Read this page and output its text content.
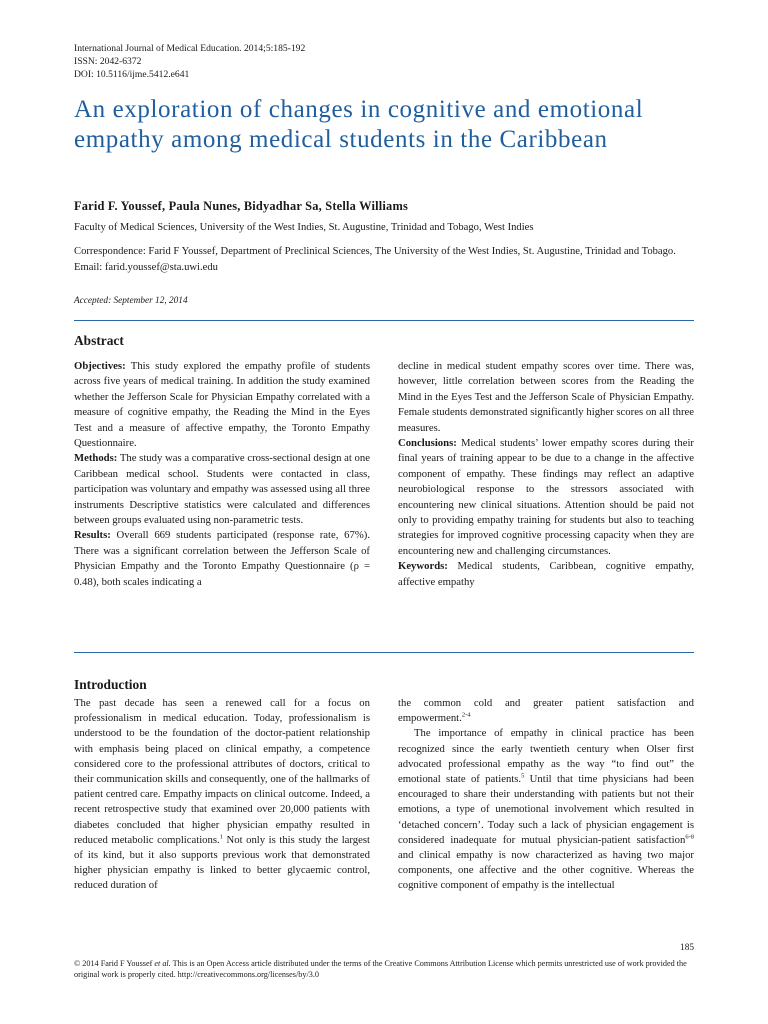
International Journal of Medical Education. 2014;5:185-192
ISSN: 2042-6372
DOI: 10.5116/ijme.5412.e641
An exploration of changes in cognitive and emotional empathy among medical students in the Caribbean
Farid F. Youssef, Paula Nunes, Bidyadhar Sa, Stella Williams
Faculty of Medical Sciences, University of the West Indies, St. Augustine, Trinidad and Tobago, West Indies
Correspondence: Farid F Youssef, Department of Preclinical Sciences, The University of the West Indies, St. Augustine, Trinidad and Tobago. Email: farid.youssef@sta.uwi.edu
Accepted: September 12, 2014
Abstract

Objectives: This study explored the empathy profile of students across five years of medical training. In addition the study examined whether the Jefferson Scale for Physician Empathy correlated with a measure of cognitive empathy, the Reading the Mind in the Eyes Test and a measure of affective empathy, the Toronto Empathy Questionnaire.

Methods: The study was a comparative cross-sectional design at one Caribbean medical school. Students were contacted in class, participation was voluntary and empathy was assessed using all three instruments Descriptive statistics were calculated and differences between groups evaluated using non-parametric tests.

Results: Overall 669 students participated (response rate, 67%). There was a significant correlation between the Jefferson Scale of Physician Empathy and the Toronto Empathy Questionnaire (ρ = 0.48), both scales indicating a

decline in medical student empathy scores over time. There was, however, little correlation between scores from the Reading the Mind in the Eyes Test and the Jefferson Scale of Physician Empathy. Female students demonstrated significantly higher scores on all three measures.

Conclusions: Medical students’ lower empathy scores during their final years of training appear to be due to a change in the affective component of empathy. These findings may reflect an adaptive neurobiological response to the stressors associated with encountering new clinical situations. Attention should be paid not only to providing empathy training for students but also to teaching strategies for improved cognitive processing capacity when they are encountering new and challenging circumstances.

Keywords: Medical students, Caribbean, cognitive empathy, affective empathy

Introduction

The past decade has seen a renewed call for a focus on professionalism in medical education. Today, professionalism is understood to be the foundation of the doctor-patient relationship with emphasis being placed on clinical empathy, a competence considered core to the professional attributes of doctors, critical to their communication skills and consequently, one of the hallmarks of patient centred care. Empathy impacts on clinical outcome. Indeed, a recent retrospective study that examined over 20,000 patients with diabetes concluded that higher physician empathy resulted in reduced metabolic complications.$^1$ Not only is this study the largest of its kind, but it also supports previous work that demonstrated higher physician empathy is linked to better glycaemic control, reduced duration of

the common cold and greater patient satisfaction and empowerment.$^{2-4}$

The importance of empathy in clinical practice has been recognized since the early twentieth century when Olser first advocated professional empathy as the way “to find out” the emotional state of patients.$^5$ Until that time physicians had been encouraged to share their understanding with patients but not their emotions, a type of unemotional involvement which resulted in ‘detached concern’. Today such a lack of physician engagement is considered inadequate for mutual physician-patient satisfaction$^{6-8}$ and clinical empathy is now characterized as having two major components, one affective and the other cognitive. Whereas the cognitive component of empathy is the intellectual

185
© 2014 Farid F Youssef et al. This is an Open Access article distributed under the terms of the Creative Commons Attribution License which permits unrestricted use of work provided the original work is properly cited. http://creativecommons.org/licenses/by/3.0
